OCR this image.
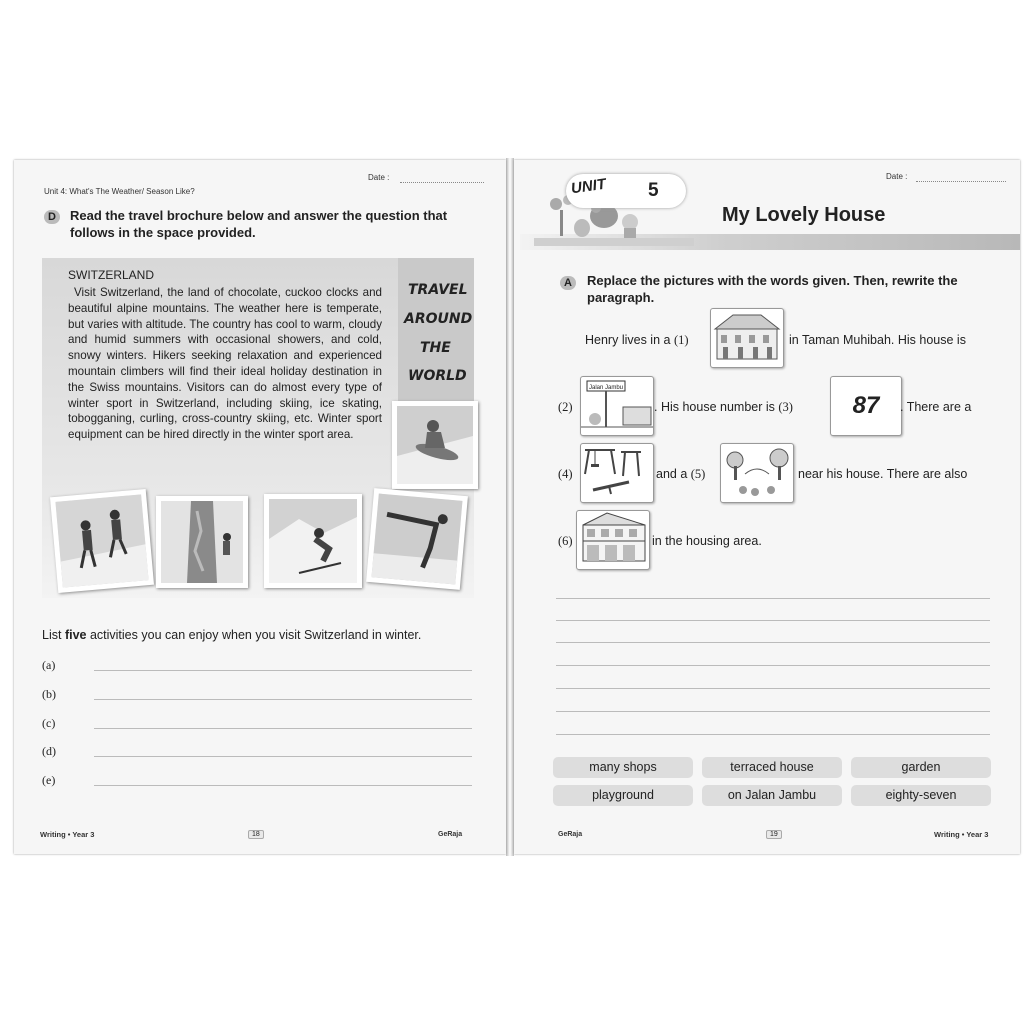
Date :
Unit 4: What's The Weather/ Season Like?
D	Read the travel brochure below and answer the question that follows in the space provided.
TRAVEL
AROUND
THE
WORLD
SWITZERLAND
Visit Switzerland, the land of chocolate, cuckoo clocks and beautiful alpine mountains. The weather here is temperate, but varies with altitude. The country has cool to warm, cloudy and humid summers with occasional showers, and cold, snowy winters. Hikers seeking relaxation and experienced mountain climbers will find their ideal holiday destination in the Swiss mountains. Visitors can do almost every type of winter sport in Switzerland, including skiing, ice skating, tobogganing, curling, cross-country skiing, etc. Winter sport equipment can be hired directly in the winter sport area.
List five activities you can enjoy when you visit Switzerland in winter.
(a)
(b)
(c)
(d)
(e)
Writing • Year 3	18	GeRaja
Date :
UNIT 5
My Lovely House
A	Replace the pictures with the words given. Then, rewrite the paragraph.
Henry lives in a (1)	in Taman Muhibah. His house is
(2)
Jalan Jambu
. His house number is (3)	87	. There are a
(4)	and a (5)	near his house. There are also
(6)	in the housing area.
many shops	terraced house	garden
playground	on Jalan Jambu	eighty-seven
GeRaja	19	Writing • Year 3
